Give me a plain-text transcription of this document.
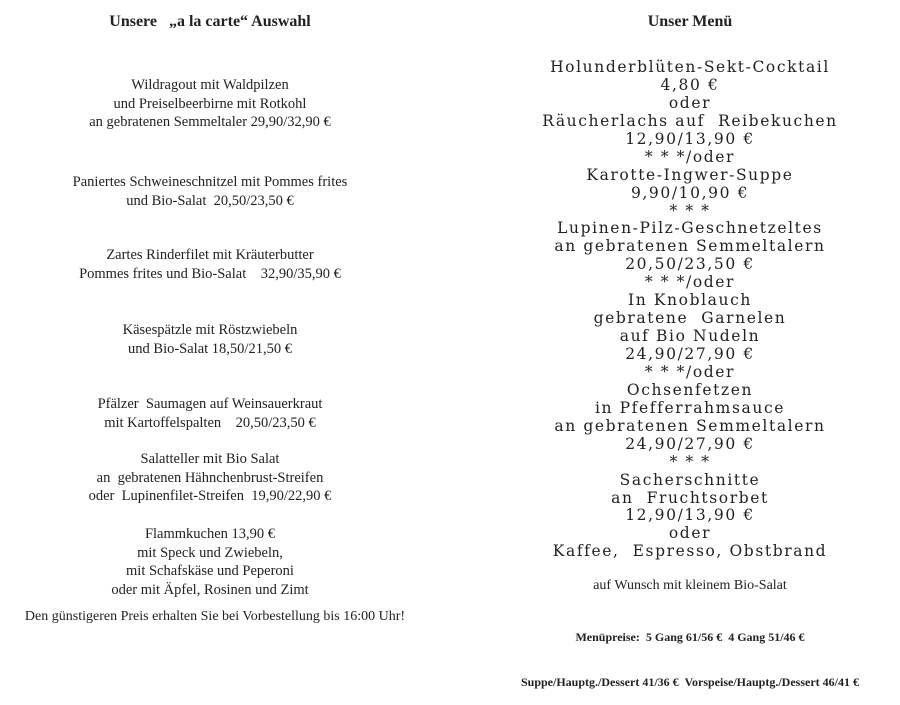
Unsere   „a la carte“ Auswahl
Wildragout mit Waldpilzen
und Preiselbeerbirne mit Rotkohl
an gebratenen Semmeltaler 29,90/32,90 €
Paniertes Schweineschnitzel mit Pommes frites
und Bio-Salat  20,50/23,50 €
Zartes Rinderfilet mit Kräuterbutter
Pommes frites und Bio-Salat    32,90/35,90 €
Käsespätzle mit Röstzwiebeln
und Bio-Salat 18,50/21,50 €
Pfälzer  Saumagen auf Weinsauerkraut
mit Kartoffelspalten    20,50/23,50 €
Salatteller mit Bio Salat
an  gebratenen Hähnchenbrust-Streifen
oder  Lupinenfilet-Streifen  19,90/22,90 €
Flammkuchen 13,90 €
mit Speck und Zwiebeln,
mit Schafskäse und Peperoni
oder mit Äpfel, Rosinen und Zimt
Den günstigeren Preis erhalten Sie bei Vorbestellung bis 16:00 Uhr!
Unser Menü
Holunderblüten-Sekt-Cocktail
4,80 €
oder
Räucherlachs auf  Reibekuchen
12,90/13,90 €
* * */oder
Karotte-Ingwer-Suppe
9,90/10,90 €
* * *
Lupinen-Pilz-Geschnetzeltes
an gebratenen Semmeltalern
20,50/23,50 €
* * */oder
In Knoblauch
gebratene  Garnelen
auf Bio Nudeln
24,90/27,90 €
* * */oder
Ochsenfetzen
in Pfefferrahmsauce
an gebratenen Semmeltalern
24,90/27,90 €
* * *
Sacherschnitte
an  Fruchtsorbet
12,90/13,90 €
oder
Kaffee,  Espresso, Obstbrand
auf Wunsch mit kleinem Bio-Salat

Menüpreise:  5 Gang 61/56 €  4 Gang 51/46 €

Suppe/Hauptg./Dessert 41/36 €  Vorspeise/Hauptg./Dessert 46/41 €
